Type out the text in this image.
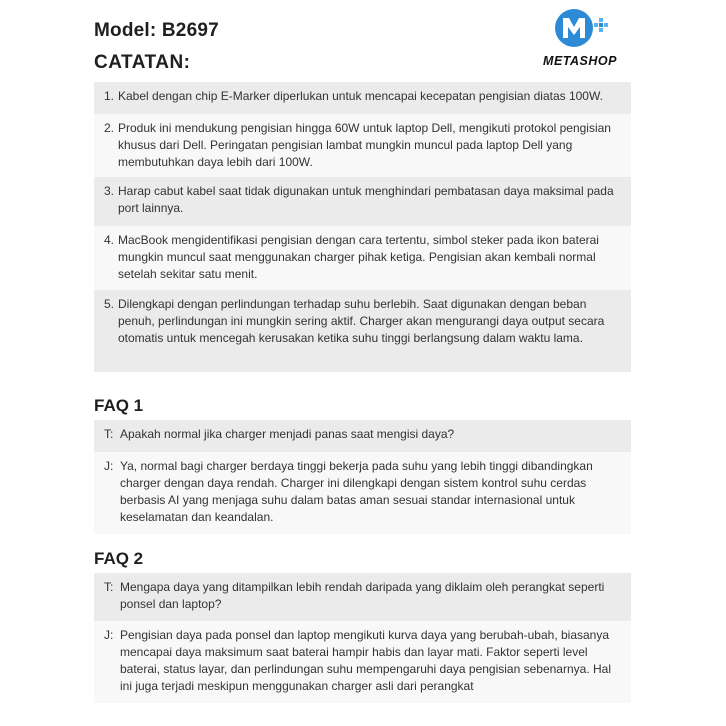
Model: B2697
CATATAN:	METASHOP
1. Kabel dengan chip E-Marker diperlukan untuk mencapai kecepatan pengisian diatas 100W.
2. Produk ini mendukung pengisian hingga 60W untuk laptop Dell, mengikuti protokol pengisian khusus dari Dell. Peringatan pengisian lambat mungkin muncul pada laptop Dell yang membutuhkan daya lebih dari 100W.
3. Harap cabut kabel saat tidak digunakan untuk menghindari pembatasan daya maksimal pada port lainnya.
4. MacBook mengidentifikasi pengisian dengan cara tertentu, simbol steker pada ikon baterai mungkin muncul saat menggunakan charger pihak ketiga. Pengisian akan kembali normal setelah sekitar satu menit.
5. Dilengkapi dengan perlindungan terhadap suhu berlebih. Saat digunakan dengan beban penuh, perlindungan ini mungkin sering aktif. Charger akan mengurangi daya output secara otomatis untuk mencegah kerusakan ketika suhu tinggi berlangsung dalam waktu lama.
FAQ 1
T: Apakah normal jika charger menjadi panas saat mengisi daya?
J: Ya, normal bagi charger berdaya tinggi bekerja pada suhu yang lebih tinggi dibandingkan charger dengan daya rendah. Charger ini dilengkapi dengan sistem kontrol suhu cerdas berbasis AI yang menjaga suhu dalam batas aman sesuai standar internasional untuk keselamatan dan keandalan.
FAQ 2
T: Mengapa daya yang ditampilkan lebih rendah daripada yang diklaim oleh perangkat seperti ponsel dan laptop?
J: Pengisian daya pada ponsel dan laptop mengikuti kurva daya yang berubah-ubah, biasanya mencapai daya maksimum saat baterai hampir habis dan layar mati. Faktor seperti level baterai, status layar, dan perlindungan suhu mempengaruhi daya pengisian sebenarnya. Hal ini juga terjadi meskipun menggunakan charger asli dari perangkat
